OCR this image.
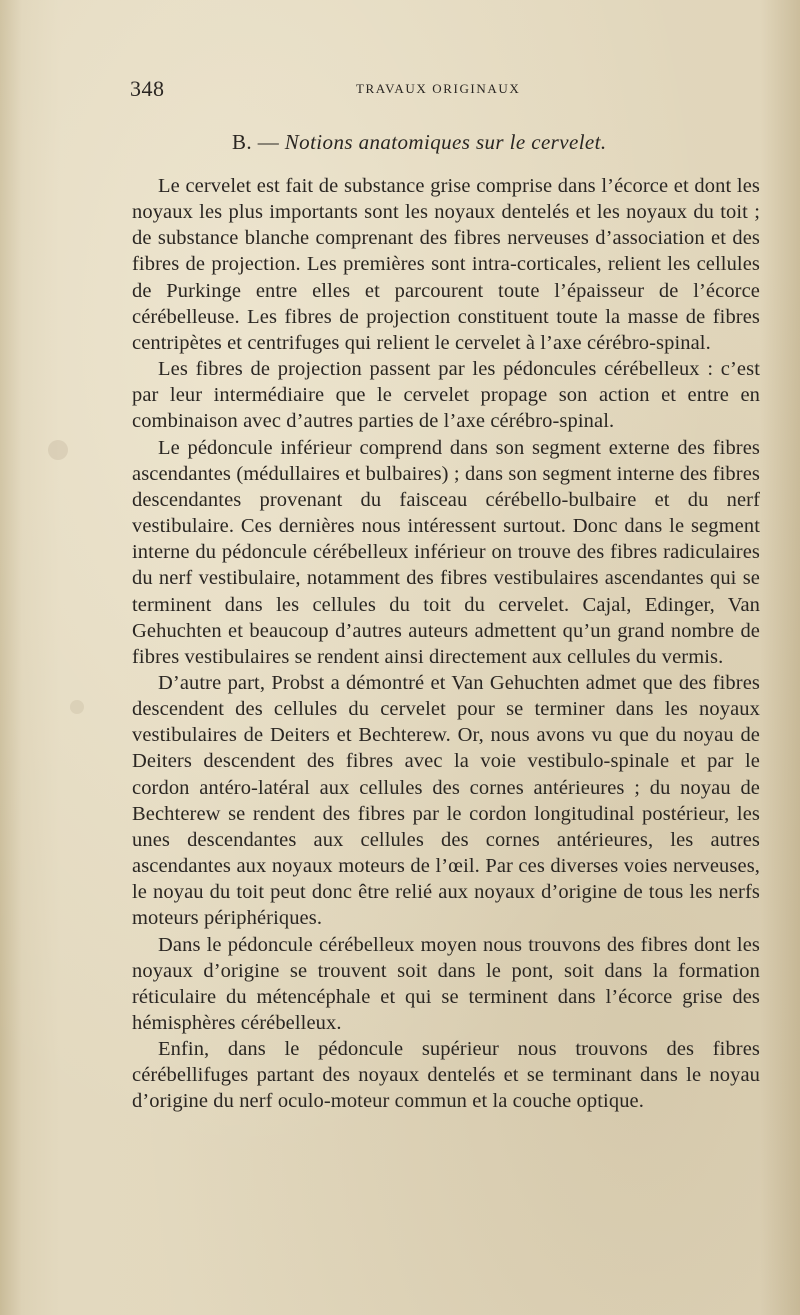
348	TRAVAUX ORIGINAUX
B. — Notions anatomiques sur le cervelet.

Le cervelet est fait de substance grise comprise dans l’écorce et dont les noyaux les plus importants sont les noyaux dentelés et les noyaux du toit ; de substance blanche comprenant des fibres nerveuses d’association et des fibres de projection. Les premières sont intra-corticales, relient les cellules de Purkinge entre elles et parcourent toute l’épaisseur de l’écorce cérébelleuse. Les fibres de projection constituent toute la masse de fibres centripètes et centrifuges qui relient le cervelet à l’axe cérébro-spinal.

Les fibres de projection passent par les pédoncules cérébelleux : c’est par leur intermédiaire que le cervelet propage son action et entre en combinaison avec d’autres parties de l’axe cérébro-spinal.

Le pédoncule inférieur comprend dans son segment externe des fibres ascendantes (médullaires et bulbaires) ; dans son segment interne des fibres descendantes provenant du faisceau cérébello-bulbaire et du nerf vestibulaire. Ces dernières nous intéressent surtout. Donc dans le segment interne du pédoncule cérébelleux inférieur on trouve des fibres radiculaires du nerf vestibulaire, notamment des fibres vestibulaires ascendantes qui se terminent dans les cellules du toit du cervelet. Cajal, Edinger, Van Gehuchten et beaucoup d’autres auteurs admettent qu’un grand nombre de fibres vestibulaires se rendent ainsi directement aux cellules du vermis.

D’autre part, Probst a démontré et Van Gehuchten admet que des fibres descendent des cellules du cervelet pour se terminer dans les noyaux vestibulaires de Deiters et Bechterew. Or, nous avons vu que du noyau de Deiters descendent des fibres avec la voie vestibulo-spinale et par le cordon antéro-latéral aux cellules des cornes antérieures ; du noyau de Bechterew se rendent des fibres par le cordon longitudinal postérieur, les unes descendantes aux cellules des cornes antérieures, les autres ascendantes aux noyaux moteurs de l’œil. Par ces diverses voies nerveuses, le noyau du toit peut donc être relié aux noyaux d’origine de tous les nerfs moteurs périphériques.

Dans le pédoncule cérébelleux moyen nous trouvons des fibres dont les noyaux d’origine se trouvent soit dans le pont, soit dans la formation réticulaire du métencéphale et qui se terminent dans l’écorce grise des hémisphères cérébelleux.

Enfin, dans le pédoncule supérieur nous trouvons des fibres cérébellifuges partant des noyaux dentelés et se terminant dans le noyau d’origine du nerf oculo-moteur commun et la couche optique.
